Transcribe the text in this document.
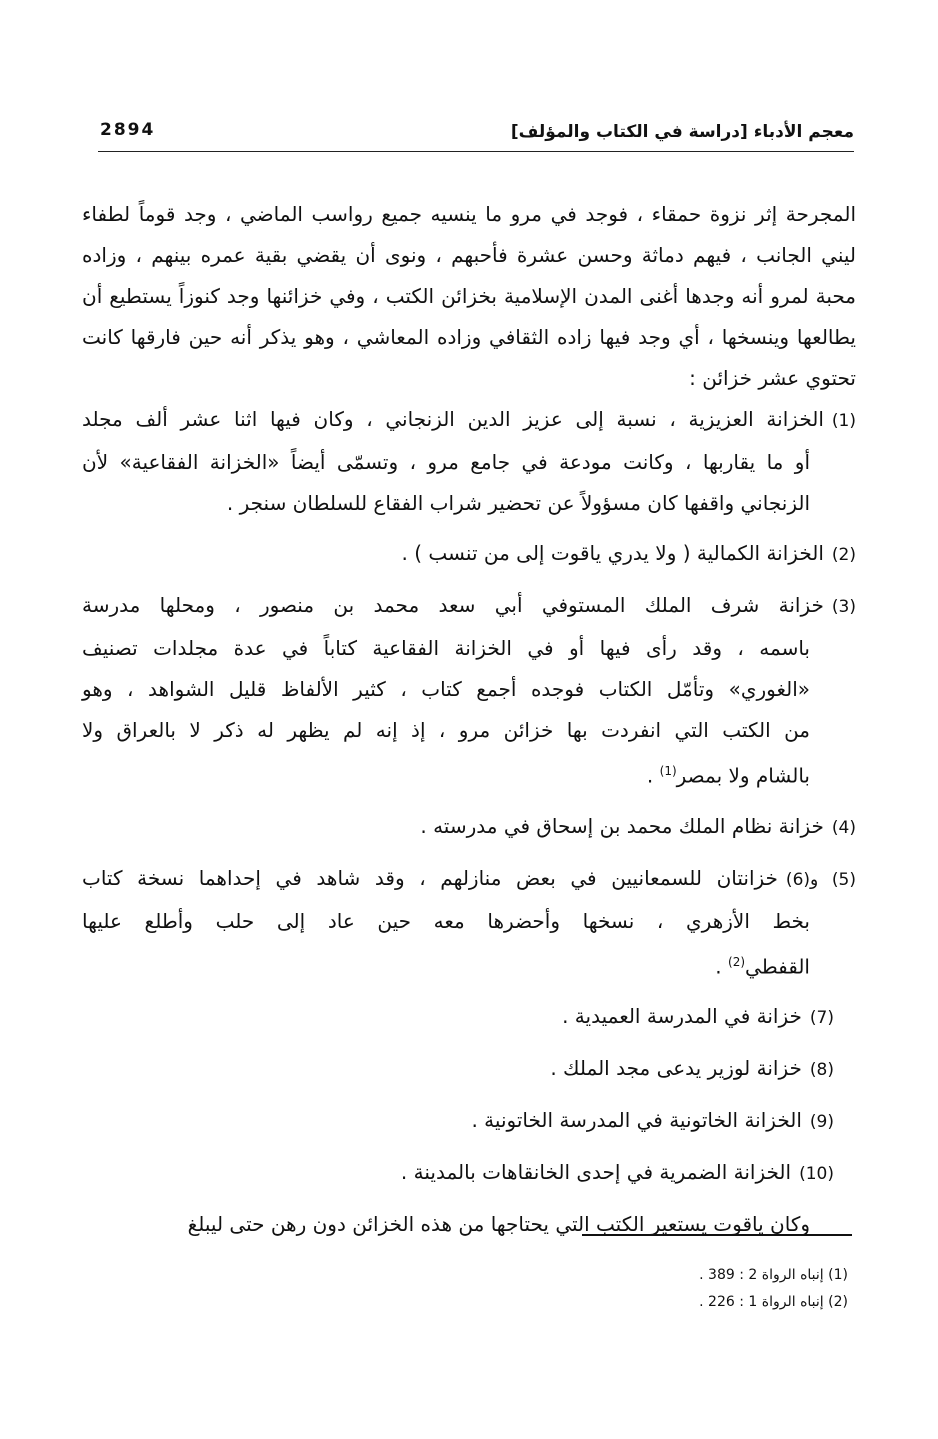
معجم الأدباء [دراسة في الكتاب والمؤلف]
2894

المجرحة إثر نزوة حمقاء ، فوجد في مرو ما ينسيه جميع رواسب الماضي ، وجد قوماً لطفاء ليني الجانب ، فيهم دماثة وحسن عشرة فأحبهم ، ونوى أن يقضي بقية عمره بينهم ، وزاده محبة لمرو أنه وجدها أغنى المدن الإسلامية بخزائن الكتب ، وفي خزائنها وجد كنوزاً يستطيع أن يطالعها وينسخها ، أي وجد فيها زاده الثقافي وزاده المعاشي ، وهو يذكر أنه حين فارقها كانت تحتوي عشر خزائن :

(1)الخزانة العزيزية ، نسبة إلى عزيز الدين الزنجاني ، وكان فيها اثنا عشر ألف مجلد
أو ما يقاربها ، وكانت مودعة في جامع مرو ، وتسمّى أيضاً «الخزانة الفقاعية» لأن
الزنجاني واقفها كان مسؤولاً عن تحضير شراب الفقاع للسلطان سنجر .
(2)الخزانة الكمالية ( ولا يدري ياقوت إلى من تنسب ) .
(3)خزانة شرف الملك المستوفي أبي سعد محمد بن منصور ، ومحلها مدرسة
باسمه ، وقد رأى فيها أو في الخزانة الفقاعية كتاباً في عدة مجلدات تصنيف
«الغوري» وتأمّل الكتاب فوجده أجمع كتاب ، كثير الألفاظ قليل الشواهد ، وهو
من الكتب التي انفردت بها خزائن مرو ، إذ إنه لم يظهر له ذكر لا بالعراق ولا
بالشام ولا بمصر$^{(1)}$ .
(4)خزانة نظام الملك محمد بن إسحاق في مدرسته .
(5) و(6)خزانتان للسمعانيين في بعض منازلهم ، وقد شاهد في إحداهما نسخة كتاب
بخط الأزهري ، نسخها وأحضرها معه حين عاد إلى حلب وأطلع عليها
القفطي$^{(2)}$ .
(7)خزانة في المدرسة العميدية .
(8)خزانة لوزير يدعى مجد الملك .
(9)الخزانة الخاتونية في المدرسة الخاتونية .
(10)الخزانة الضمرية في إحدى الخانقاهات بالمدينة .

وكان ياقوت يستعير الكتب التي يحتاجها من هذه الخزائن دون رهن حتى ليبلغ

(1) إنباه الرواة 2 : 389 .
(2) إنباه الرواة 1 : 226 .
